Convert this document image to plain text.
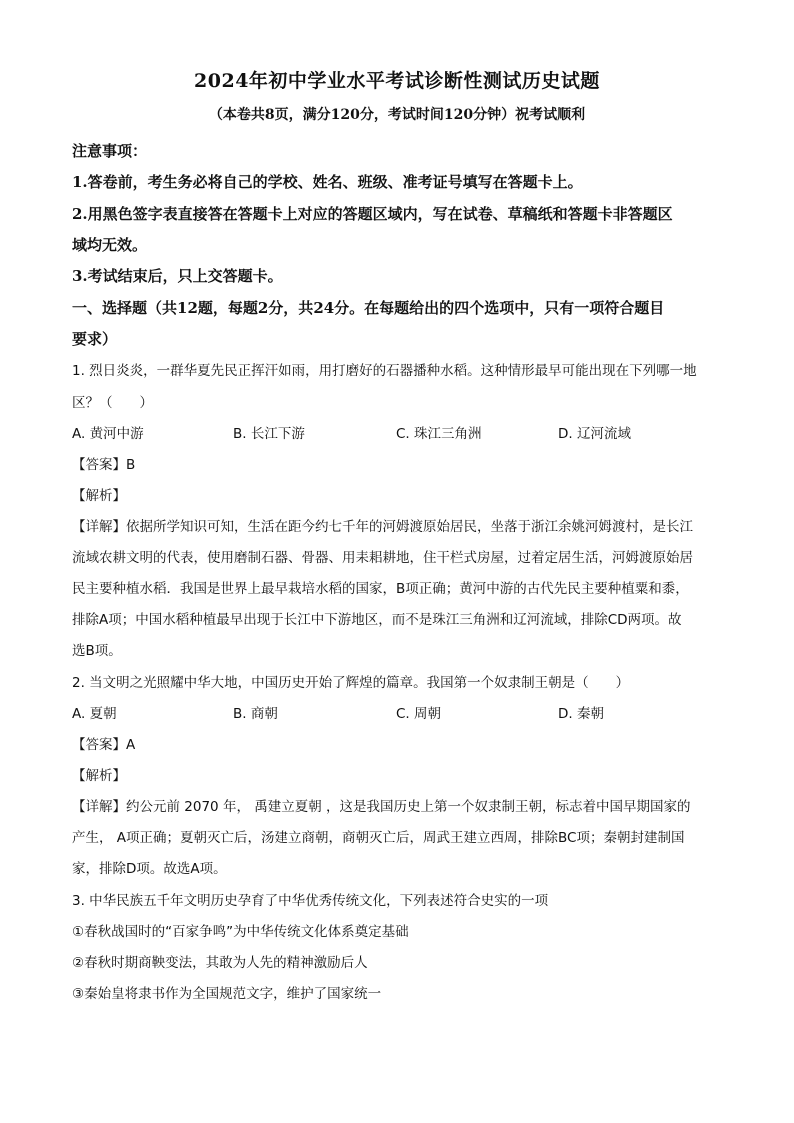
2024年初中学业水平考试诊断性测试历史试题
（本卷共8页，满分120分，考试时间120分钟）祝考试顺利
注意事项：
1.答卷前，考生务必将自己的学校、姓名、班级、准考证号填写在答题卡上。
2.用黑色签字表直接答在答题卡上对应的答题区域内，写在试卷、草稿纸和答题卡非答题区
域均无效。
3.考试结束后，只上交答题卡。
一、选择题（共12题，每题2分，共24分。在每题给出的四个选项中，只有一项符合题目
要求）
1. 烈日炎炎，一群华夏先民正挥汗如雨，用打磨好的石器播种水稻。这种情形最早可能出现在下列哪一地
区？（　　）
A. 黄河中游	B. 长江下游	C. 珠江三角洲	D. 辽河流域
【答案】B
【解析】
【详解】依据所学知识可知，生活在距今约七千年的河姆渡原始居民，坐落于浙江余姚河姆渡村，是长江
流域农耕文明的代表，使用磨制石器、骨器、用耒耜耕地，住干栏式房屋，过着定居生活，河姆渡原始居
民主要种植水稻．我国是世界上最早栽培水稻的国家，B项正确；黄河中游的古代先民主要种植粟和黍，
排除A项；中国水稻种植最早出现于长江中下游地区，而不是珠江三角洲和辽河流域，排除CD两项。故
选B项。
2. 当文明之光照耀中华大地，中国历史开始了辉煌的篇章。我国第一个奴隶制王朝是（　　）
A. 夏朝	B. 商朝	C. 周朝	D. 秦朝
【答案】A
【解析】
【详解】约公元前 2070 年， 禹建立夏朝 ，这是我国历史上第一个奴隶制王朝，标志着中国早期国家的
产生， A项正确；夏朝灭亡后，汤建立商朝，商朝灭亡后，周武王建立西周，排除BC项；秦朝封建制国
家，排除D项。故选A项。
3. 中华民族五千年文明历史孕育了中华优秀传统文化，下列表述符合史实的一项
①春秋战国时的“百家争鸣”为中华传统文化体系奠定基础
②春秋时期商鞅变法，其敢为人先的精神激励后人
③秦始皇将隶书作为全国规范文字，维护了国家统一
